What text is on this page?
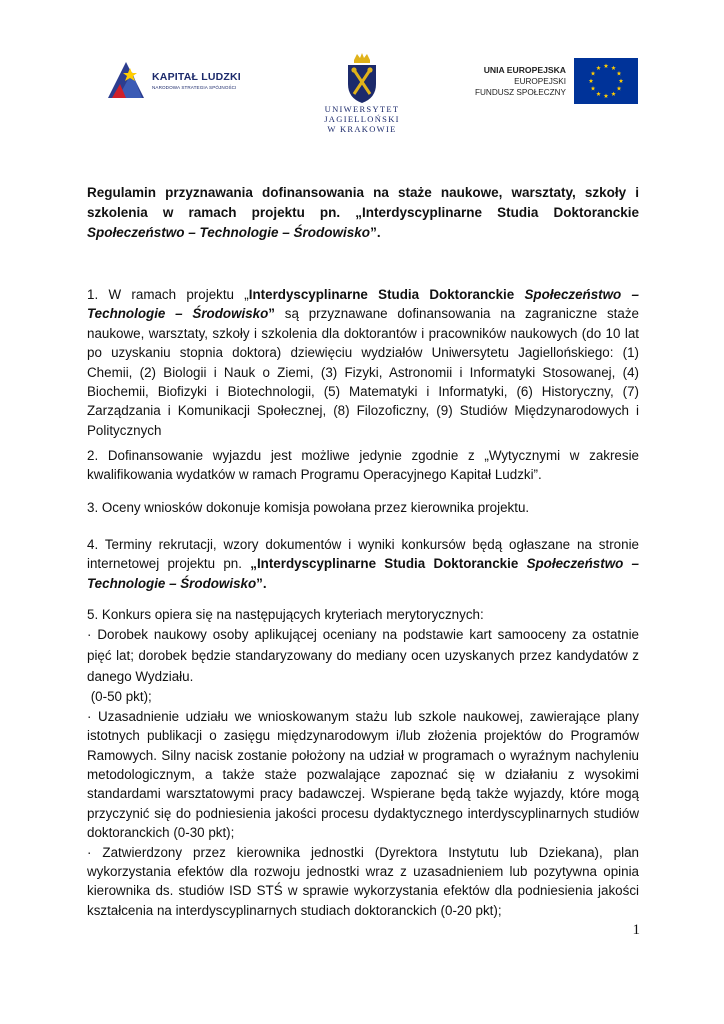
KAPITAŁ LUDZKI
NARODOWA STRATEGIA SPÓJNOŚCI
UNIWERSYTET
JAGIELLOŃSKI
W KRAKOWIE
UNIA EUROPEJSKA
EUROPEJSKI
FUNDUSZ SPOŁECZNY

Regulamin przyznawania dofinansowania na staże naukowe, warsztaty, szkoły i szkolenia w ramach projektu pn. „Interdyscyplinarne Studia Doktoranckie Społeczeństwo – Technologie – Środowisko”.

1. W ramach projektu „Interdyscyplinarne Studia Doktoranckie Społeczeństwo – Technologie – Środowisko” są przyznawane dofinansowania na zagraniczne staże naukowe, warsztaty, szkoły i szkolenia dla doktorantów i pracowników naukowych (do 10 lat po uzyskaniu stopnia doktora) dziewięciu wydziałów Uniwersytetu Jagiellońskiego: (1) Chemii, (2) Biologii i Nauk o Ziemi, (3) Fizyki, Astronomii i Informatyki Stosowanej, (4) Biochemii, Biofizyki i Biotechnologii, (5) Matematyki i Informatyki, (6) Historyczny, (7) Zarządzania i Komunikacji Społecznej, (8) Filozoficzny, (9) Studiów Międzynarodowych i Politycznych

2. Dofinansowanie wyjazdu jest możliwe jedynie zgodnie z „Wytycznymi w zakresie kwalifikowania wydatków w ramach Programu Operacyjnego Kapitał Ludzki”.

3. Oceny wniosków dokonuje komisja powołana przez kierownika projektu.

4. Terminy rekrutacji, wzory dokumentów i wyniki konkursów będą ogłaszane na stronie internetowej projektu pn. „Interdyscyplinarne Studia Doktoranckie Społeczeństwo – Technologie – Środowisko”.

5. Konkurs opiera się na następujących kryteriach merytorycznych:
· Dorobek naukowy osoby aplikującej oceniany na podstawie kart samooceny za ostatnie pięć lat; dorobek będzie standaryzowany do mediany ocen uzyskanych przez kandydatów z danego Wydziału.
(0-50 pkt);
· Uzasadnienie udziału we wnioskowanym stażu lub szkole naukowej, zawierające plany istotnych publikacji o zasięgu międzynarodowym i/lub złożenia projektów do Programów Ramowych. Silny nacisk zostanie położony na udział w programach o wyraźnym nachyleniu metodologicznym, a także staże pozwalające zapoznać się w działaniu z wysokimi standardami warsztatowymi pracy badawczej. Wspierane będą także wyjazdy, które mogą przyczynić się do podniesienia jakości procesu dydaktycznego interdyscyplinarnych studiów doktoranckich (0-30 pkt);
· Zatwierdzony przez kierownika jednostki (Dyrektora Instytutu lub Dziekana), plan wykorzystania efektów dla rozwoju jednostki wraz z uzasadnieniem lub pozytywna opinia kierownika ds. studiów ISD STŚ w sprawie wykorzystania efektów dla podniesienia jakości kształcenia na interdyscyplinarnych studiach doktoranckich (0-20 pkt);
1
